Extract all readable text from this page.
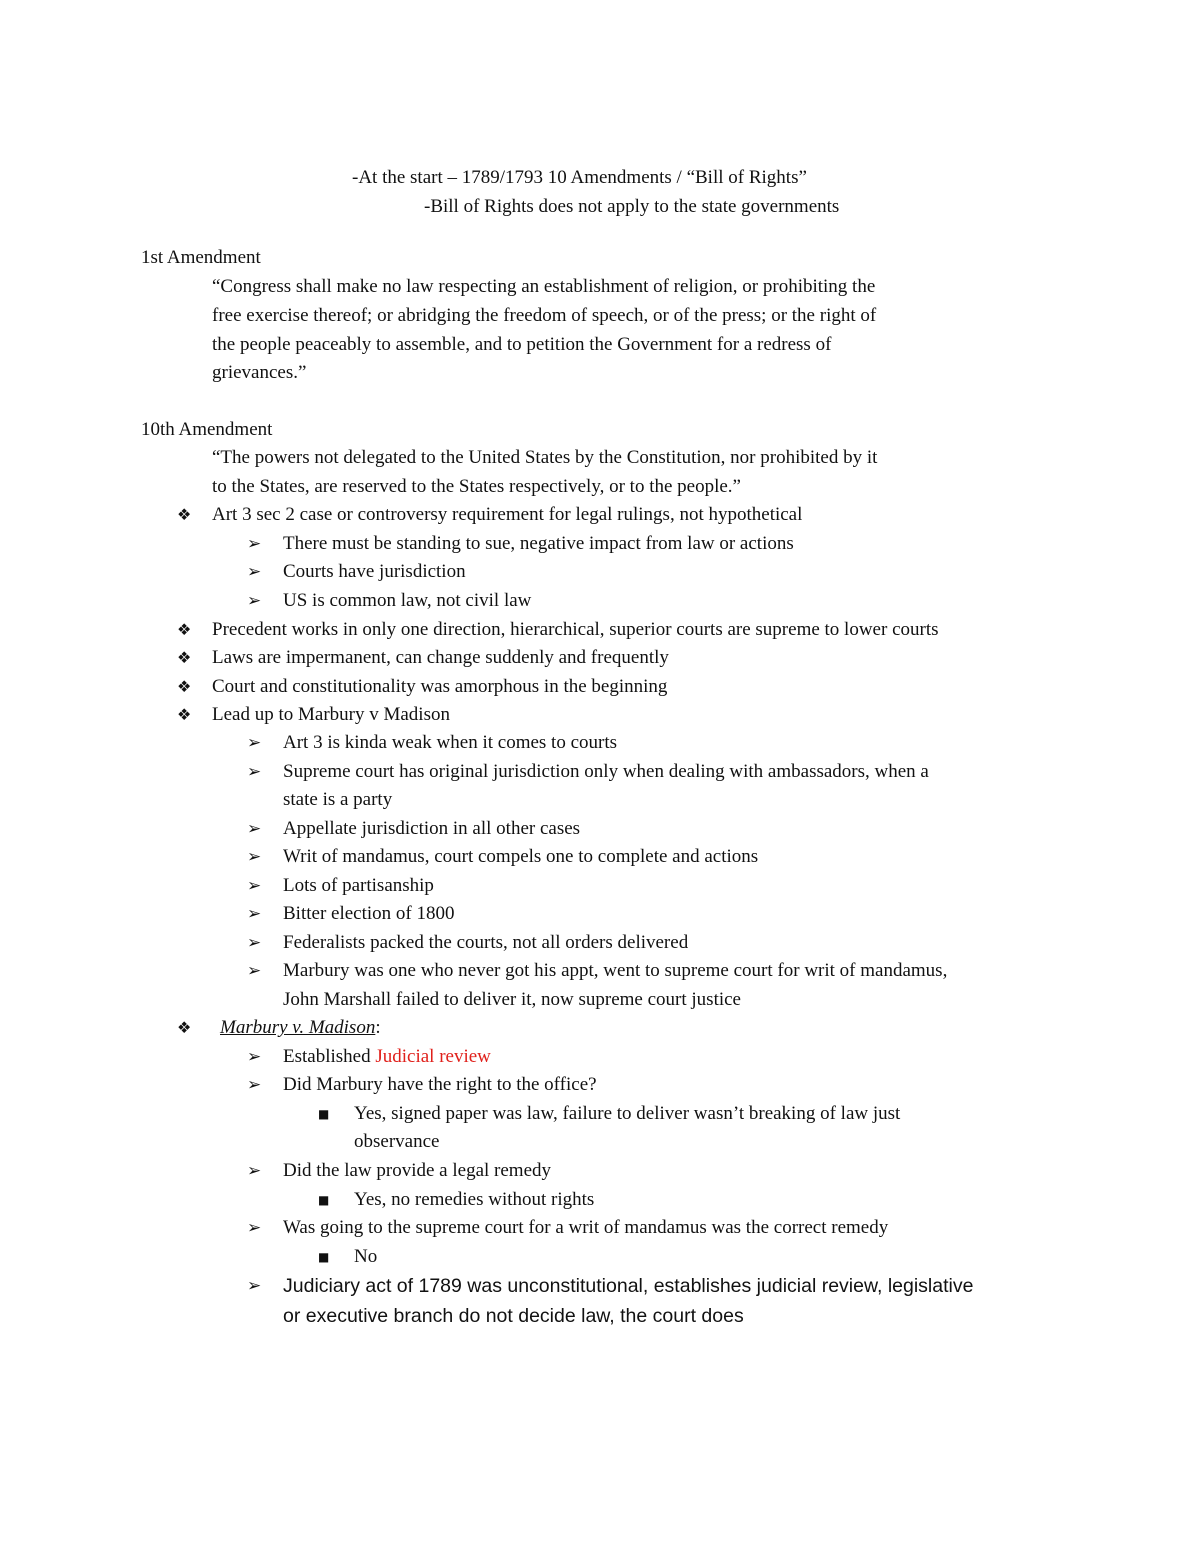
-At the start – 1789/1793 10 Amendments / “Bill of Rights”
-Bill of Rights does not apply to the state governments
1st Amendment
“Congress shall make no law respecting an establishment of religion, or prohibiting the
free exercise thereof; or abridging the freedom of speech, or of the press; or the right of
the people peaceably to assemble, and to petition the Government for a redress of
grievances.”
10th Amendment
“The powers not delegated to the United States by the Constitution, nor prohibited by it
to the States, are reserved to the States respectively, or to the people.”
❖	Art 3 sec 2 case or controversy requirement for legal rulings, not hypothetical
➢	There must be standing to sue, negative impact from law or actions
➢	Courts have jurisdiction
➢	US is common law, not civil law
❖	Precedent works in only one direction, hierarchical, superior courts are supreme to lower courts
❖	Laws are impermanent, can change suddenly and frequently
❖	Court and constitutionality was amorphous in the beginning
❖	Lead up to Marbury v Madison
➢	Art 3 is kinda weak when it comes to courts
➢	Supreme court has original jurisdiction only when dealing with ambassadors, when a
state is a party
➢	Appellate jurisdiction in all other cases
➢	Writ of mandamus, court compels one to complete and actions
➢	Lots of partisanship
➢	Bitter election of 1800
➢	Federalists packed the courts, not all orders delivered
➢	Marbury was one who never got his appt, went to supreme court for writ of mandamus,
John Marshall failed to deliver it, now supreme court justice
❖	Marbury v. Madison:
➢	Established Judicial review
➢	Did Marbury have the right to the office?
■	Yes, signed paper was law, failure to deliver wasn’t breaking of law just
observance
➢	Did the law provide a legal remedy
■	Yes, no remedies without rights
➢	Was going to the supreme court for a writ of mandamus was the correct remedy
■	No
➢	Judiciary act of 1789 was unconstitutional, establishes judicial review, legislative
or executive branch do not decide law, the court does
